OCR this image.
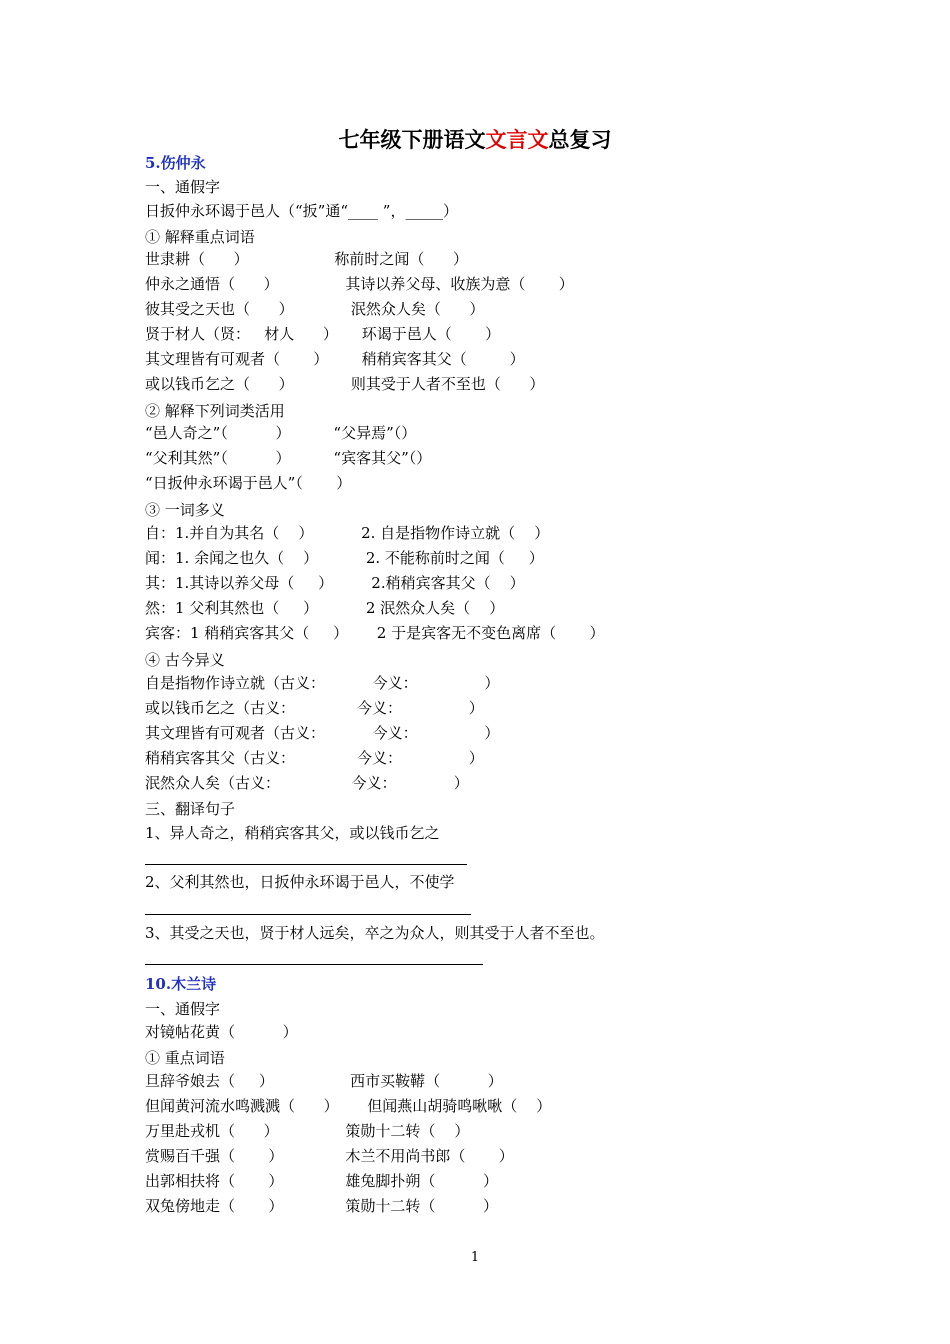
七年级下册语文文言文总复习
5.伤仲永
一、通假字
日扳仲永环谒于邑人（“扳”通“____ ”，_____）
① 解释重点词语
世隶耕（      ）                  称前时之闻（      ）
仲永之通悟（      ）              其诗以养父母、收族为意（       ）
彼其受之天也（      ）            泯然众人矣（      ）
贤于材人（贤：   材人      ）     环谒于邑人（       ）
其文理皆有可观者（       ）       稍稍宾客其父（         ）
或以钱币乞之（      ）            则其受于人者不至也（      ）
② 解释下列词类活用
“邑人奇之”（          ）         “父异焉”（）
“父利其然”（          ）         “宾客其父”（）
“日扳仲永环谒于邑人”（       ）
③ 一词多义
自：1.并自为其名（    ）          2. 自是指物作诗立就（    ）
闻：1. 余闻之也久（    ）          2. 不能称前时之闻（     ）
其：1.其诗以养父母（     ）        2.稍稍宾客其父（    ）
然：1 父利其然也（     ）          2 泯然众人矣（    ）
宾客：1 稍稍宾客其父（     ）      2 于是宾客无不变色离席（       ）
④ 古今异义
自是指物作诗立就（古义：          今义：              ）
或以钱币乞之（古义：             今义：              ）
其文理皆有可观者（古义：          今义：              ）
稍稍宾客其父（古义：             今义：              ）
泯然众人矣（古义：               今义：            ）
三、翻译句子
1、异人奇之，稍稍宾客其父，或以钱币乞之
2、父利其然也，日扳仲永环谒于邑人，不使学
3、其受之天也，贤于材人远矣，卒之为众人，则其受于人者不至也。
10.木兰诗
一、通假字
对镜帖花黄（          ）
① 重点词语
旦辞爷娘去（     ）                西市买鞍鞯（          ）
但闻黄河流水鸣溅溅（      ）      但闻燕山胡骑鸣啾啾（    ）
万里赴戎机（      ）              策勋十二转（    ）
赏赐百千强（       ）             木兰不用尚书郎（       ）
出郭相扶将（       ）             雄兔脚扑朔（          ）
双兔傍地走（       ）             策勋十二转（          ）
1
